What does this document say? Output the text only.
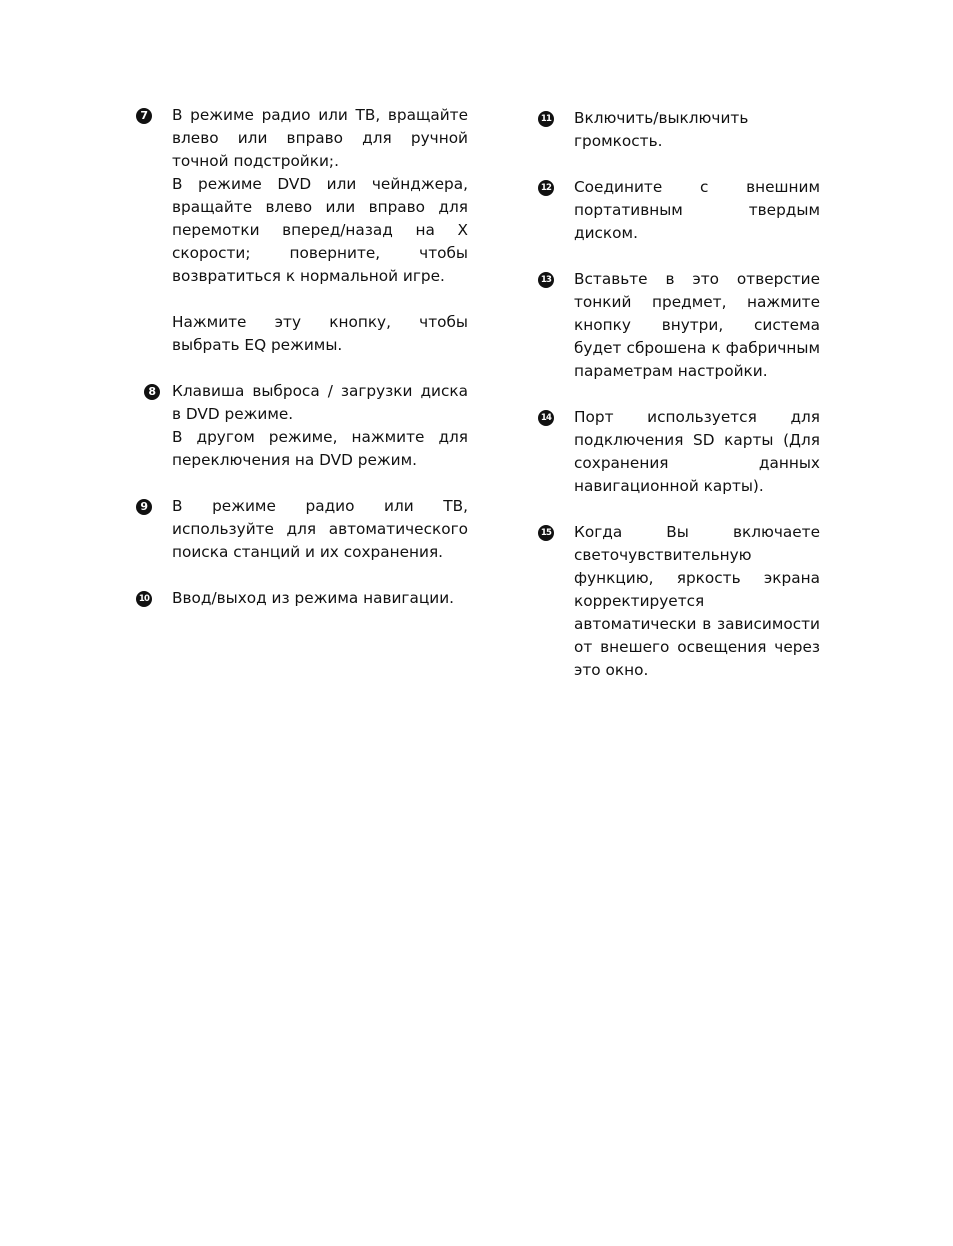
7 В режиме радио или ТВ, вращайте влево или вправо для ручной точной подстройки;.

В режиме DVD или чейнджера, вращайте влево или вправо для перемотки вперед/назад на X скорости; поверните, чтобы возвратиться к нормальной игре.

Нажмите эту кнопку, чтобы выбрать EQ режимы.

8 Клавиша выброса / загрузки диска в DVD режиме.

В другом режиме, нажмите для переключения на DVD режим.

9 В режиме радио или ТВ, используйте для автоматического поиска станций и их сохранения.

10 Ввод/выход из режима навигации.

11 Включить/выключить громкость.

12 Соедините с внешним портативным твердым диском.

13 Вставьте в это отверстие тонкий предмет, нажмите кнопку внутри, система будет сброшена к фабричным параметрам настройки.

14 Порт используется для подключения SD карты (Для сохранения данных навигационной карты).

15 Когда Вы включаете светочувствительную функцию, яркость экрана корректируется автоматически в зависимости от внешего освещения через это окно.
